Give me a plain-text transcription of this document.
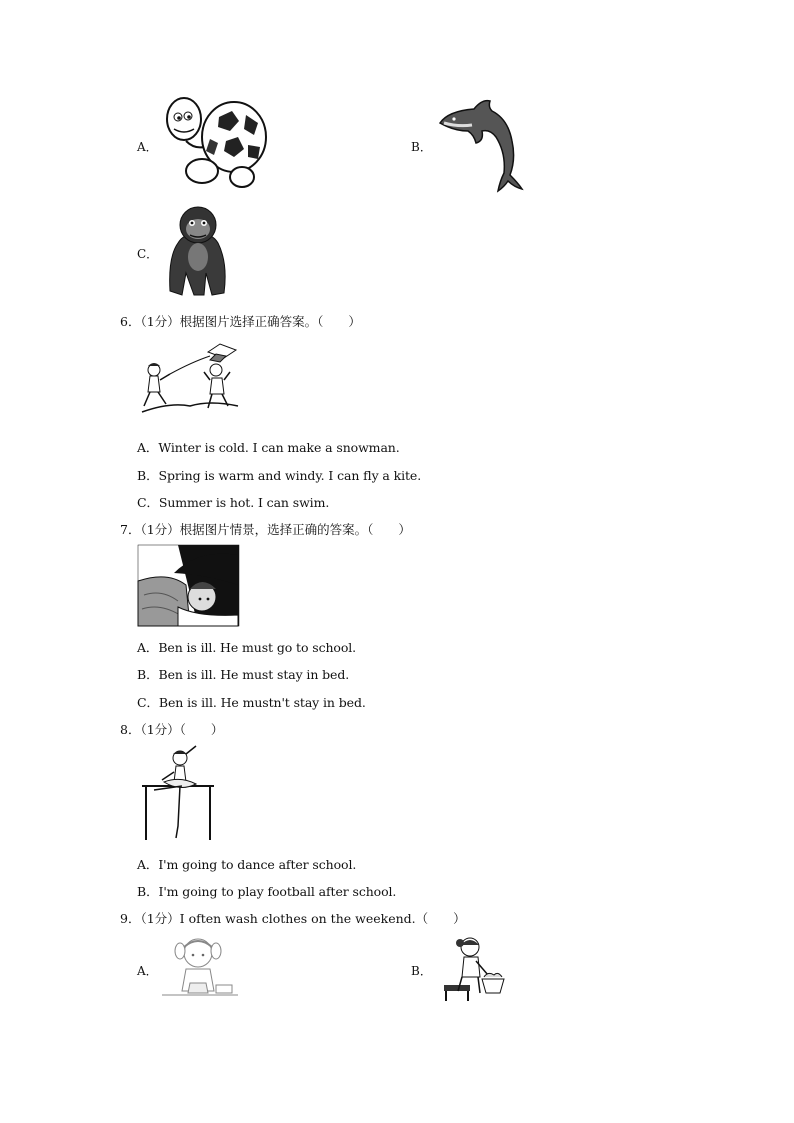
A．	B．
C．
6．（1分）根据图片选择正确答案。（　　）
A．Winter is cold. I can make a snowman.
B．Spring is warm and windy. I can fly a kite.
C．Summer is hot. I can swim.
7．（1分）根据图片情景，选择正确的答案。（　　）
A．Ben is ill. He must go to school.
B．Ben is ill. He must stay in bed.
C．Ben is ill. He mustn't stay in bed.
8．（1分）（　　）
A．I'm going to dance after school.
B．I'm going to play football after school.
9．（1分）I often wash clothes on the weekend.（　　）
A．	B．
